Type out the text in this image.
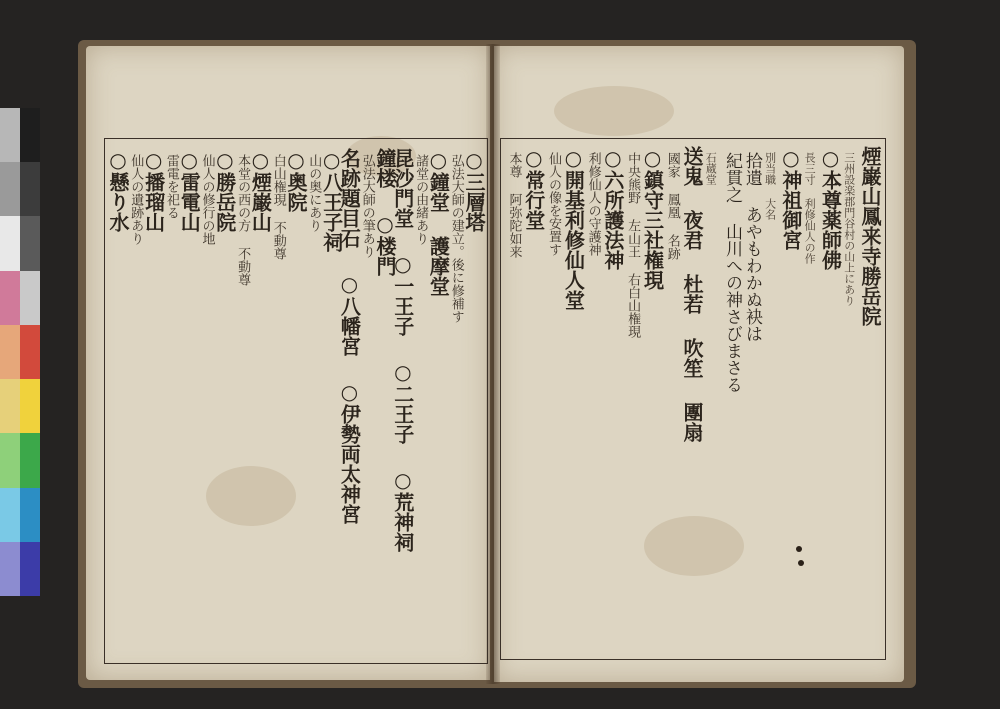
○三層塔
弘法大師の建立。後に修補す
○鐘堂 護摩堂
諸堂の由緒あり
昆沙門堂 ○一王子 ○二王子 ○荒神祠
鐘楼 ○楼門
弘法大師の筆あり
名跡題目石 ○八幡宮 ○伊勢両太神宮
○八王子祠
山の奥にあり
○奥院
白山権現 不動尊
○煙巌山
本堂の西の方 不動尊
○勝岳院
仙人の修行の地
○雷電山
雷電を祀る
○播瑠山
仙人の遺跡あり
○懸り水	煙巌山鳳来寺勝岳院
三州設楽郡門谷村の山上にあり
○本尊薬師佛
長三寸 利修仙人の作
○神祖御宮
別当職 大名
拾遺 あやもわかぬ袂は
紀貫之 山川への神さびまさる
石蔵堂
送鬼 夜君 杜若 吹笙 團扇
國家 鳳凰 名跡
○鎮守三社権現
中央熊野 左山王 右白山権現
○六所護法神
利修仙人の守護神
○開基利修仙人堂
仙人の像を安置す
○常行堂
本尊 阿弥陀如来
